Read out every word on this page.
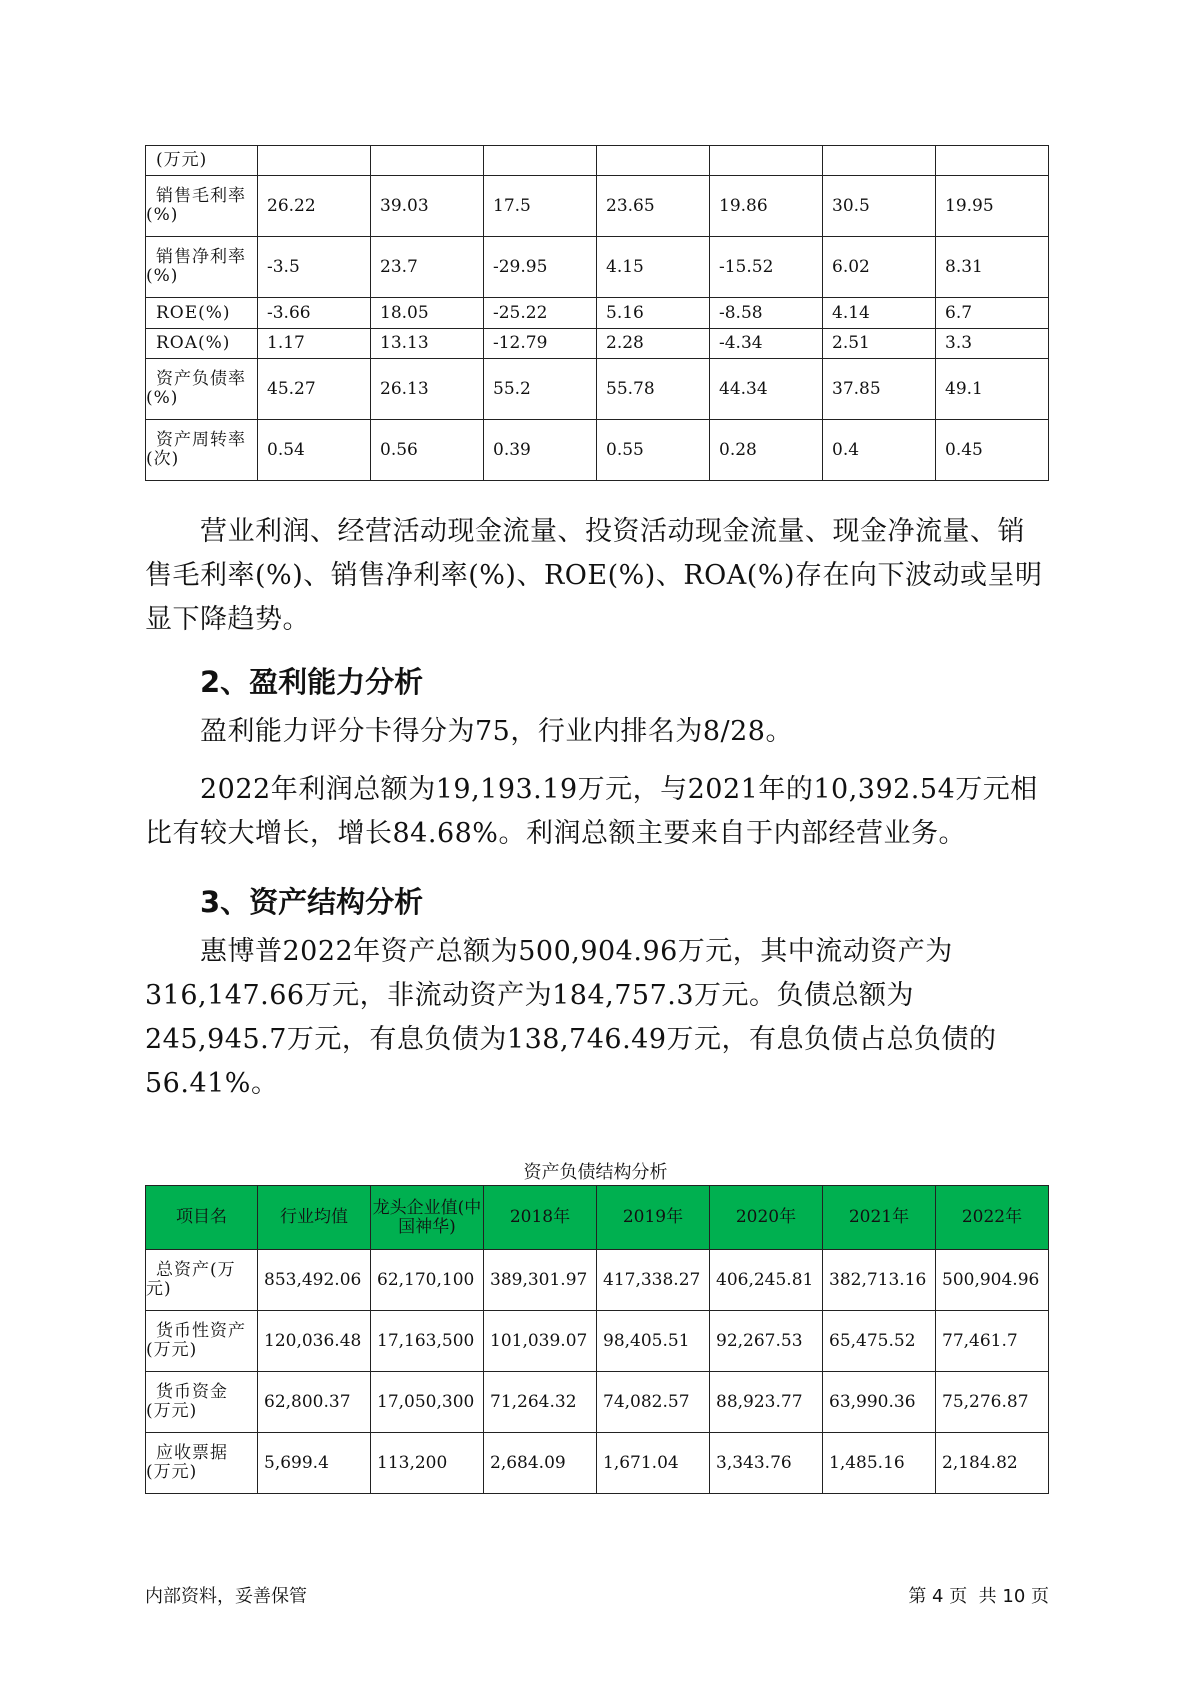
(万元)							

销售毛利率
(%)	26.22	39.03	17.5	23.65	19.86	30.5	19.95

销售净利率
(%)	-3.5	23.7	-29.95	4.15	-15.52	6.02	8.31

ROE(%)	-3.66	18.05	-25.22	5.16	-8.58	4.14	6.7

ROA(%)	1.17	13.13	-12.79	2.28	-4.34	2.51	3.3

资产负债率
(%)	45.27	26.13	55.2	55.78	44.34	37.85	49.1

资产周转率
(次)	0.54	0.56	0.39	0.55	0.28	0.4	0.45

营业利润、经营活动现金流量、投资活动现金流量、现金净流量、销售毛利率(%)、销售净利率(%)、ROE(%)、ROA(%)存在向下波动或呈明显下降趋势。

2、盈利能力分析

盈利能力评分卡得分为75，行业内排名为8/28。

2022年利润总额为19,193.19万元，与2021年的10,392.54万元相比有较大增长，增长84.68%。利润总额主要来自于内部经营业务。

3、资产结构分析

惠博普2022年资产总额为500,904.96万元，其中流动资产为316,147.66万元，非流动资产为184,757.3万元。负债总额为245,945.7万元，有息负债为138,746.49万元，有息负债占总负债的56.41%。

资产负债结构分析
项目名	行业均值	龙头企业值(中国神华)	2018年	2019年	2020年	2021年	2022年

总资产(万
元)	853,492.06	62,170,100	389,301.97	417,338.27	406,245.81	382,713.16	500,904.96

货币性资产
(万元)	120,036.48	17,163,500	101,039.07	98,405.51	92,267.53	65,475.52	77,461.7

货币资金
(万元)	62,800.37	17,050,300	71,264.32	74,082.57	88,923.77	63,990.36	75,276.87

应收票据
(万元)	5,699.4	113,200	2,684.09	1,671.04	3,343.76	1,485.16	2,184.82
内部资料，妥善保管	第 4 页  共 10 页
